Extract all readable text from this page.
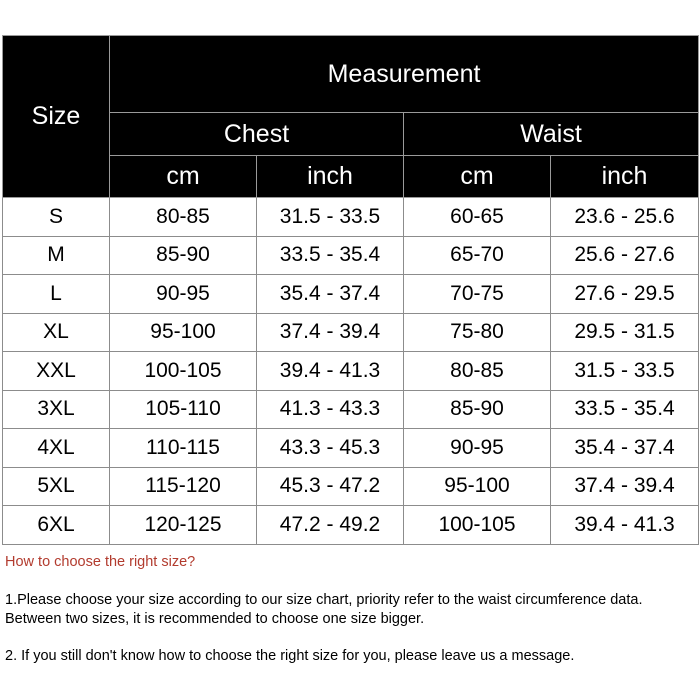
Size	Measurement			
	Chest		Waist	
	cm	inch	cm	inch
S	80-85	31.5 - 33.5	60-65	23.6 - 25.6
M	85-90	33.5 - 35.4	65-70	25.6 - 27.6
L	90-95	35.4 - 37.4	70-75	27.6 - 29.5
XL	95-100	37.4 - 39.4	75-80	29.5 - 31.5
XXL	100-105	39.4 - 41.3	80-85	31.5 - 33.5
3XL	105-110	41.3 - 43.3	85-90	33.5 - 35.4
4XL	110-115	43.3 - 45.3	90-95	35.4 - 37.4
5XL	115-120	45.3 - 47.2	95-100	37.4 - 39.4
6XL	120-125	47.2 - 49.2	100-105	39.4 - 41.3

How to choose the right size?

1.Please choose your size according to our size chart, priority refer to the waist circumference data. Between two sizes, it is recommended to choose one size bigger.

2. If you still don't know how to choose the right size for you, please leave us a message.
